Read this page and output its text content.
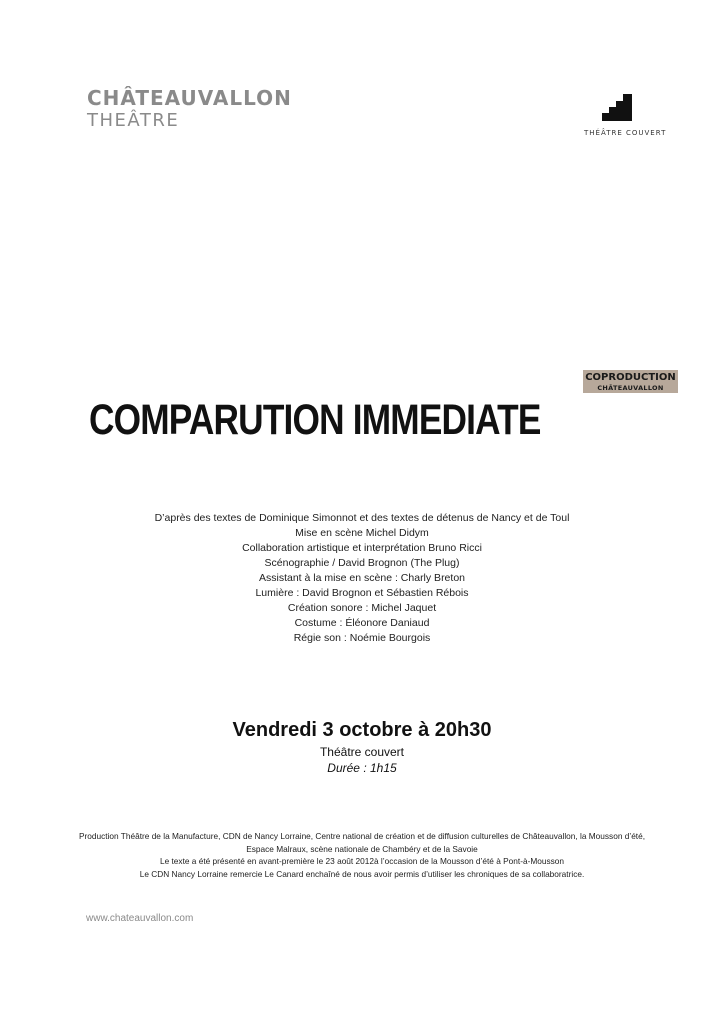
CHÂTEAUVALLON
THEÂTRE
THÉÂTRE COUVERT
COPRODUCTION
CHÂTEAUVALLON
COMPARUTION IMMEDIATE
D’après des textes de Dominique Simonnot et des textes de détenus de Nancy et de Toul
Mise en scène Michel Didym
Collaboration artistique et interprétation Bruno Ricci
Scénographie / David Brognon (The Plug)
Assistant à la mise en scène : Charly Breton
Lumière : David Brognon et Sébastien Rébois
Création sonore : Michel Jaquet
Costume : Éléonore Daniaud
Régie son : Noémie Bourgois
Vendredi 3 octobre à 20h30
Théâtre couvert
Durée : 1h15
Production Théâtre de la Manufacture, CDN de Nancy Lorraine, Centre national de création et de diffusion culturelles de Châteauvallon, la Mousson d’été,
Espace Malraux, scène nationale de Chambéry et de la Savoie
Le texte a été présenté en avant-première le 23 août 2012à l’occasion de la Mousson d’été à Pont-à-Mousson
Le CDN Nancy Lorraine remercie Le Canard enchaîné de nous avoir permis d’utiliser les chroniques de sa collaboratrice.
www.chateauvallon.com
